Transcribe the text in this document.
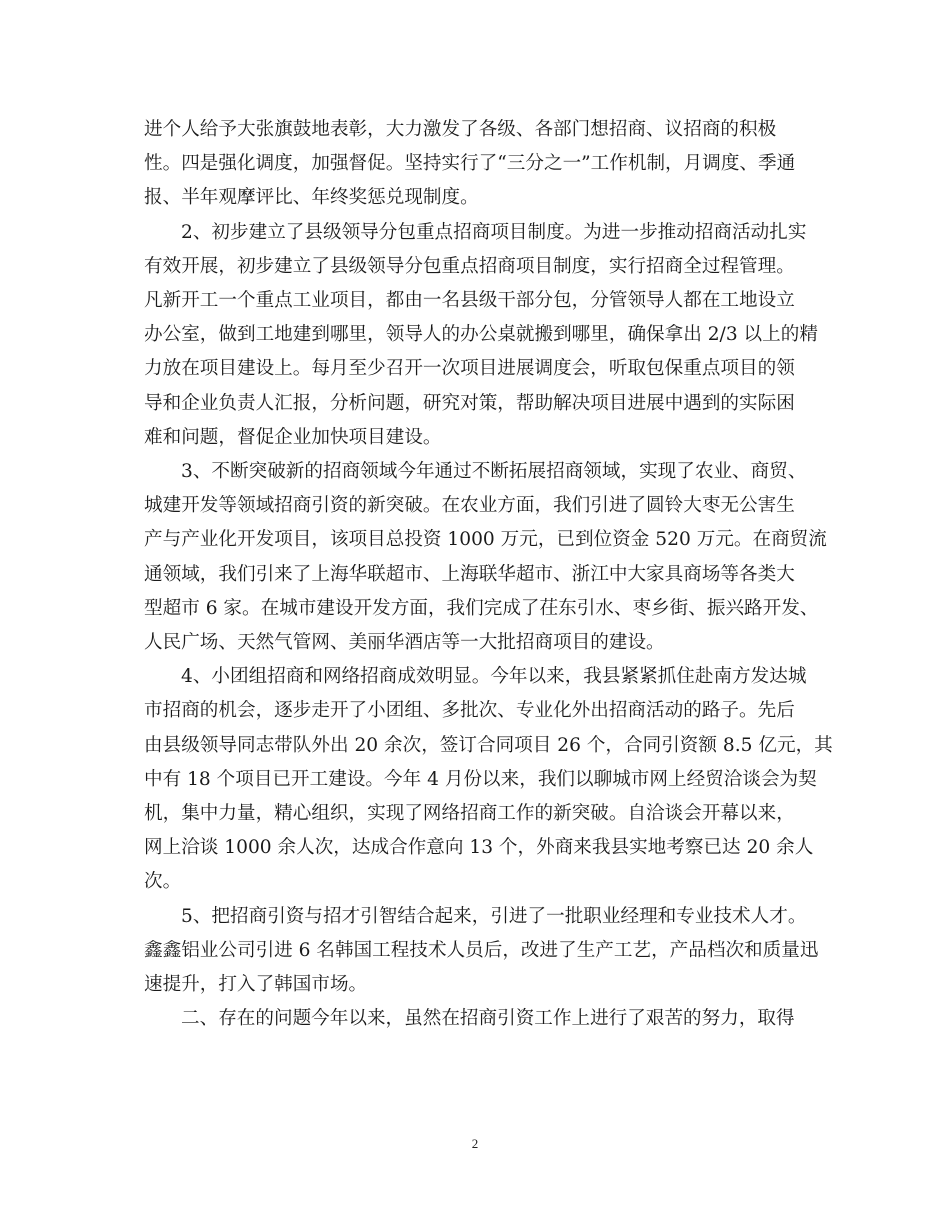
进个人给予大张旗鼓地表彰，大力激发了各级、各部门想招商、议招商的积极
性。四是强化调度，加强督促。坚持实行了“三分之一”工作机制，月调度、季通
报、半年观摩评比、年终奖惩兑现制度。

2、初步建立了县级领导分包重点招商项目制度。为进一步推动招商活动扎实
有效开展，初步建立了县级领导分包重点招商项目制度，实行招商全过程管理。
凡新开工一个重点工业项目，都由一名县级干部分包，分管领导人都在工地设立
办公室，做到工地建到哪里，领导人的办公桌就搬到哪里，确保拿出 2/3 以上的精
力放在项目建设上。每月至少召开一次项目进展调度会，听取包保重点项目的领
导和企业负责人汇报，分析问题，研究对策，帮助解决项目进展中遇到的实际困
难和问题，督促企业加快项目建设。

3、不断突破新的招商领域今年通过不断拓展招商领域，实现了农业、商贸、
城建开发等领域招商引资的新突破。在农业方面，我们引进了圆铃大枣无公害生
产与产业化开发项目，该项目总投资 1000 万元，已到位资金 520 万元。在商贸流
通领域，我们引来了上海华联超市、上海联华超市、浙江中大家具商场等各类大
型超市 6 家。在城市建设开发方面，我们完成了茌东引水、枣乡街、振兴路开发、
人民广场、天然气管网、美丽华酒店等一大批招商项目的建设。

4、小团组招商和网络招商成效明显。今年以来，我县紧紧抓住赴南方发达城
市招商的机会，逐步走开了小团组、多批次、专业化外出招商活动的路子。先后
由县级领导同志带队外出 20 余次，签订合同项目 26 个，合同引资额 8.5 亿元，其
中有 18 个项目已开工建设。今年 4 月份以来，我们以聊城市网上经贸洽谈会为契
机，集中力量，精心组织，实现了网络招商工作的新突破。自洽谈会开幕以来，
网上洽谈 1000 余人次，达成合作意向 13 个，外商来我县实地考察已达 20 余人
次。

5、把招商引资与招才引智结合起来，引进了一批职业经理和专业技术人才。
鑫鑫铝业公司引进 6 名韩国工程技术人员后，改进了生产工艺，产品档次和质量迅
速提升，打入了韩国市场。

二、存在的问题今年以来，虽然在招商引资工作上进行了艰苦的努力，取得

2
